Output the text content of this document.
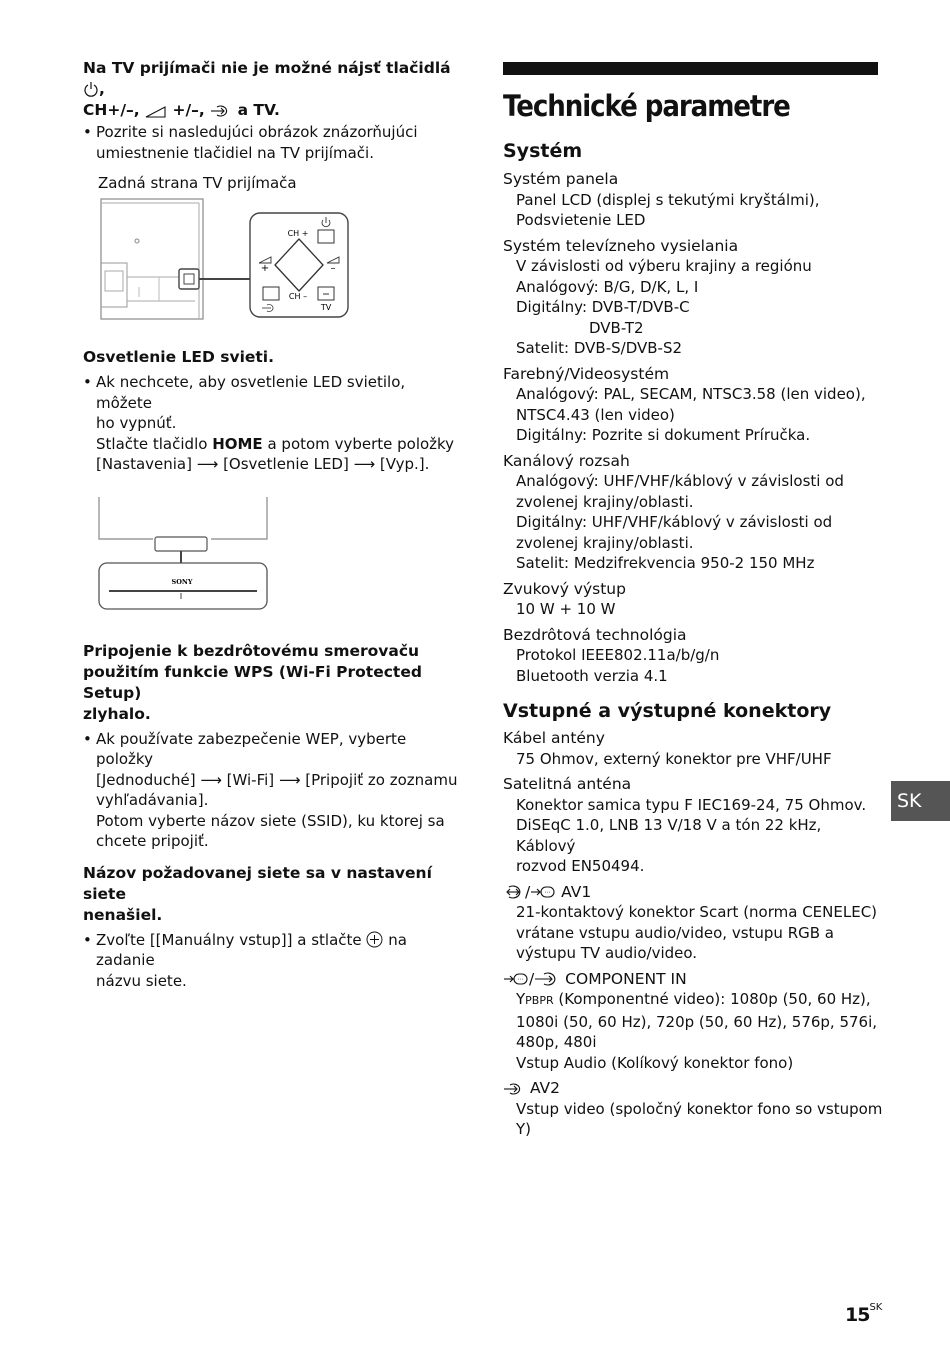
Na TV prijímači nie je možné nájsť tlačidlá ,
CH+/–, +/–, a TV.

• Pozrite si nasledujúci obrázok znázorňujúci
umiestnenie tlačidiel na TV prijímači.

Zadná strana TV prijímača

CH +
CH –
+	–
TV

Osvetlenie LED svieti.

• Ak nechcete, aby osvetlenie LED svietilo, môžete
ho vypnúť.
Stlačte tlačidlo HOME a potom vyberte položky
[Nastavenia] ⟶ [Osvetlenie LED] ⟶ [Vyp.].

SONY

Pripojenie k bezdrôtovému smerovaču
použitím funkcie WPS (Wi-Fi Protected Setup)
zlyhalo.

• Ak používate zabezpečenie WEP, vyberte položky
[Jednoduché] ⟶ [Wi-Fi] ⟶ [Pripojiť zo zoznamu
vyhľadávania].
Potom vyberte názov siete (SSID), ku ktorej sa
chcete pripojiť.

Názov požadovanej siete sa v nastavení siete
nenašiel.

• Zvoľte [[Manuálny vstup]] a stlačte na zadanie
názvu siete.

Technické parametre
Systém

Systém panela

Panel LCD (displej s tekutými kryštálmi),

Podsvietenie LED

Systém televízneho vysielania

V závislosti od výberu krajiny a regiónu

Analógový: B/G, D/K, L, I

Digitálny: DVB-T/DVB-C

DVB-T2

Satelit: DVB-S/DVB-S2

Farebný/Videosystém

Analógový: PAL, SECAM, NTSC3.58 (len video),

NTSC4.43 (len video)

Digitálny: Pozrite si dokument Príručka.

Kanálový rozsah

Analógový: UHF/VHF/káblový v závislosti od

zvolenej krajiny/oblasti.

Digitálny: UHF/VHF/káblový v závislosti od

zvolenej krajiny/oblasti.

Satelit: Medzifrekvencia 950-2 150 MHz

Zvukový výstup

10 W + 10 W

Bezdrôtová technológia

Protokol IEEE802.11a/b/g/n

Bluetooth verzia 4.1

Vstupné a výstupné konektory

Kábel antény

75 Ohmov, externý konektor pre VHF/UHF

Satelitná anténa

Konektor samica typu F IEC169-24, 75 Ohmov.

DiSEqC 1.0, LNB 13 V/18 V a tón 22 kHz, Káblový

rozvod EN50494.

/ ··· AV1

21-kontaktový konektor Scart (norma CENELEC)

vrátane vstupu audio/video, vstupu RGB a

výstupu TV audio/video.

··· / COMPONENT IN

YPBPR (Komponentné video): 1080p (50, 60 Hz),

1080i (50, 60 Hz), 720p (50, 60 Hz), 576p, 576i,

480p, 480i

Vstup Audio (Kolíkový konektor fono)

AV2

Vstup video (spoločný konektor fono so vstupom Y)

SK
$15^{SK}$
